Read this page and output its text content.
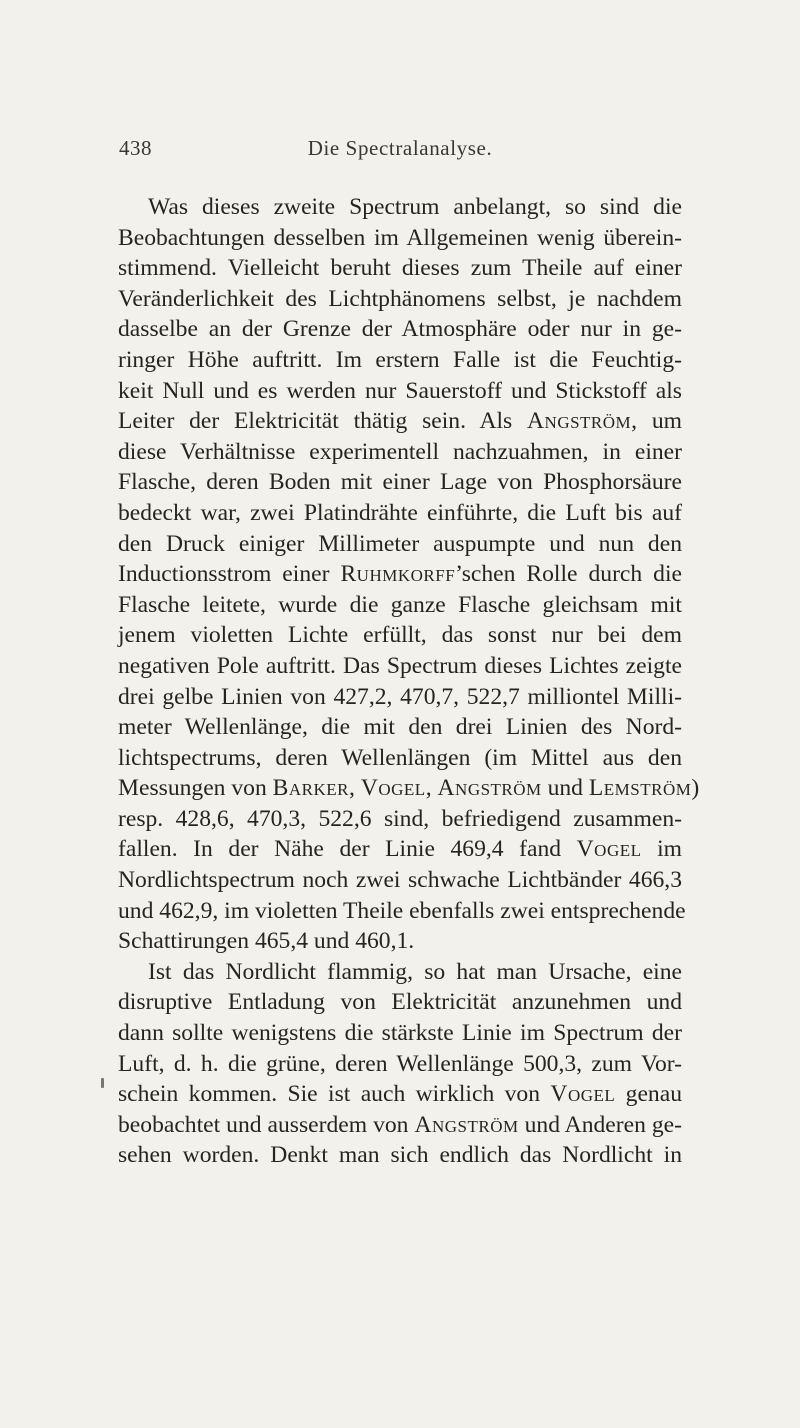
438	Die Spectralanalyse.
Was dieses zweite Spectrum anbelangt, so sind die
Beobachtungen desselben im Allgemeinen wenig überein-
stimmend. Vielleicht beruht dieses zum Theile auf einer
Veränderlichkeit des Lichtphänomens selbst, je nachdem
dasselbe an der Grenze der Atmosphäre oder nur in ge-
ringer Höhe auftritt. Im erstern Falle ist die Feuchtig-
keit Null und es werden nur Sauerstoff und Stickstoff als
Leiter der Elektricität thätig sein. Als Angström, um
diese Verhältnisse experimentell nachzuahmen, in einer
Flasche, deren Boden mit einer Lage von Phosphorsäure
bedeckt war, zwei Platindrähte einführte, die Luft bis auf
den Druck einiger Millimeter auspumpte und nun den
Inductionsstrom einer Ruhmkorff’schen Rolle durch die
Flasche leitete, wurde die ganze Flasche gleichsam mit
jenem violetten Lichte erfüllt, das sonst nur bei dem
negativen Pole auftritt. Das Spectrum dieses Lichtes zeigte
drei gelbe Linien von 427,2, 470,7, 522,7 milliontel Milli-
meter Wellenlänge, die mit den drei Linien des Nord-
lichtspectrums, deren Wellenlängen (im Mittel aus den
Messungen von Barker, Vogel, Angström und Lemström)
resp. 428,6, 470,3, 522,6 sind, befriedigend zusammen-
fallen. In der Nähe der Linie 469,4 fand Vogel im
Nordlichtspectrum noch zwei schwache Lichtbänder 466,3
und 462,9, im violetten Theile ebenfalls zwei entsprechende
Schattirungen 465,4 und 460,1.
Ist das Nordlicht flammig, so hat man Ursache, eine
disruptive Entladung von Elektricität anzunehmen und
dann sollte wenigstens die stärkste Linie im Spectrum der
Luft, d. h. die grüne, deren Wellenlänge 500,3, zum Vor-
schein kommen. Sie ist auch wirklich von Vogel genau
beobachtet und ausserdem von Angström und Anderen ge-
sehen worden. Denkt man sich endlich das Nordlicht in
